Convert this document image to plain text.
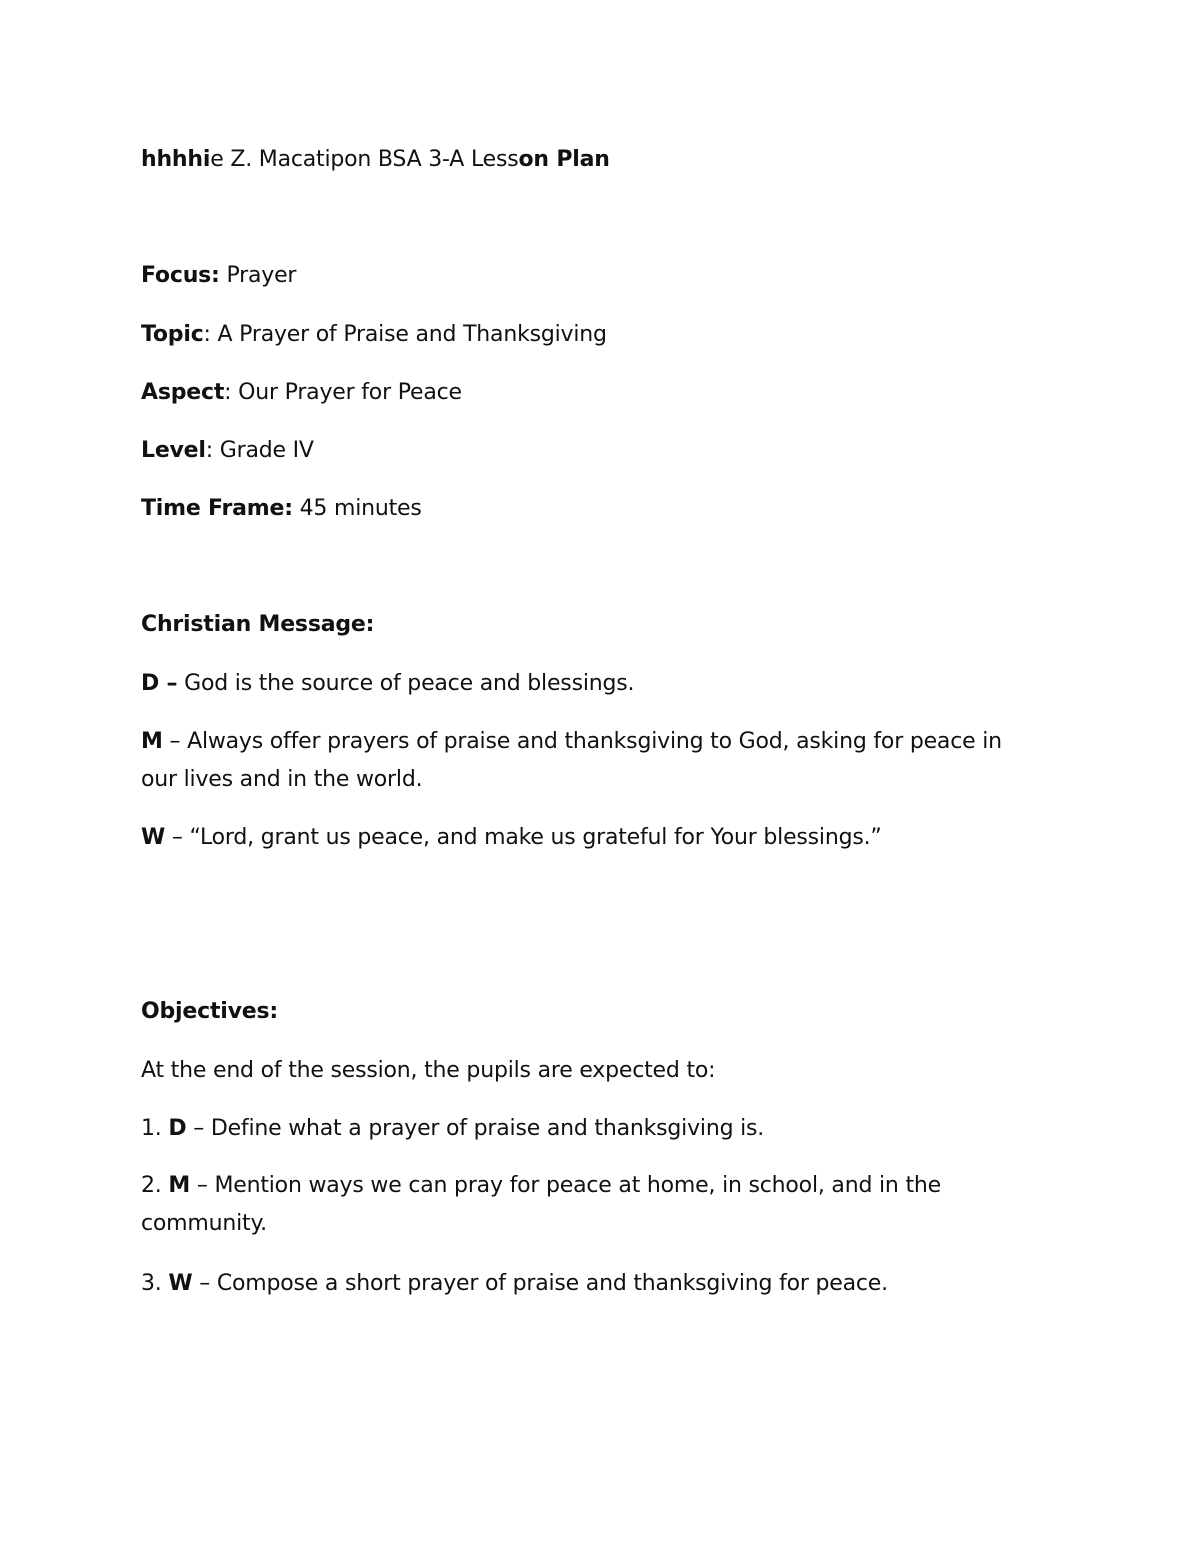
hhhhie Z. Macatipon BSA 3-A Lesson Plan
Focus: Prayer
Topic: A Prayer of Praise and Thanksgiving
Aspect: Our Prayer for Peace
Level: Grade IV
Time Frame: 45 minutes
Christian Message:
D – God is the source of peace and blessings.
M – Always offer prayers of praise and thanksgiving to God, asking for peace in our lives and in the world.
W – “Lord, grant us peace, and make us grateful for Your blessings.”
Objectives:
At the end of the session, the pupils are expected to:
1. D – Define what a prayer of praise and thanksgiving is.
2. M – Mention ways we can pray for peace at home, in school, and in the community.
3. W – Compose a short prayer of praise and thanksgiving for peace.
